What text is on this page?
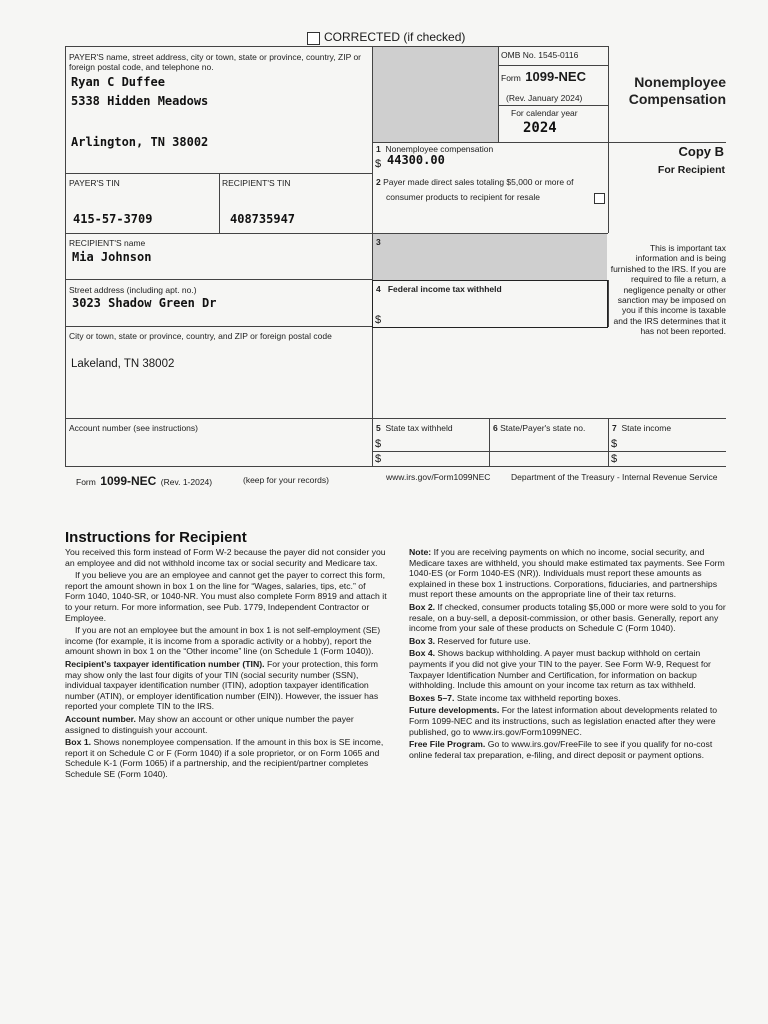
CORRECTED (if checked)
PAYER'S name, street address, city or town, state or province, country, ZIP or foreign postal code, and telephone no.
Ryan C Duffee
5338 Hidden Meadows
Arlington, TN 38002
OMB No. 1545-0116
Form 1099-NEC
(Rev. January 2024)
For calendar year
2024
Nonemployee
Compensation
Copy B
For Recipient
This is important tax information and is being furnished to the IRS. If you are required to file a return, a negligence penalty or other sanction may be imposed on you if this income is taxable and the IRS determines that it has not been reported.
1 Nonemployee compensation
$ 44300.00
PAYER'S TIN
415-57-3709
RECIPIENT'S TIN
408735947
2 Payer made direct sales totaling $5,000 or more of
consumer products to recipient for resale
3
RECIPIENT'S name
Mia Johnson
Street address (including apt. no.)
3023 Shadow Green Dr
City or town, state or province, country, and ZIP or foreign postal code
Lakeland, TN 38002
4 Federal income tax withheld
$
Account number (see instructions)	5 State tax withheld
$
$
6 State/Payer's state no.	7 State income
$
$
Form 1099-NEC (Rev. 1-2024)	(keep for your records)	www.irs.gov/Form1099NEC Department of the Treasury - Internal Revenue Service
Instructions for Recipient

You received this form instead of Form W-2 because the payer did not consider you an employee and did not withhold income tax or social security and Medicare tax.

If you believe you are an employee and cannot get the payer to correct this form, report the amount shown in box 1 on the line for “Wages, salaries, tips, etc.” of Form 1040, 1040-SR, or 1040-NR. You must also complete Form 8919 and attach it to your return. For more information, see Pub. 1779, Independent Contractor or Employee.

If you are not an employee but the amount in box 1 is not self-employment (SE) income (for example, it is income from a sporadic activity or a hobby), report the amount shown in box 1 on the “Other income” line (on Schedule 1 (Form 1040)).

Recipient’s taxpayer identification number (TIN). For your protection, this form may show only the last four digits of your TIN (social security number (SSN), individual taxpayer identification number (ITIN), adoption taxpayer identification number (ATIN), or employer identification number (EIN)). However, the issuer has reported your complete TIN to the IRS.

Account number. May show an account or other unique number the payer assigned to distinguish your account.

Box 1. Shows nonemployee compensation. If the amount in this box is SE income, report it on Schedule C or F (Form 1040) if a sole proprietor, or on Form 1065 and Schedule K-1 (Form 1065) if a partnership, and the recipient/partner completes Schedule SE (Form 1040).

Note: If you are receiving payments on which no income, social security, and Medicare taxes are withheld, you should make estimated tax payments. See Form 1040-ES (or Form 1040-ES (NR)). Individuals must report these amounts as explained in these box 1 instructions. Corporations, fiduciaries, and partnerships must report these amounts on the appropriate line of their tax returns.

Box 2. If checked, consumer products totaling $5,000 or more were sold to you for resale, on a buy-sell, a deposit-commission, or other basis. Generally, report any income from your sale of these products on Schedule C (Form 1040).

Box 3. Reserved for future use.

Box 4. Shows backup withholding. A payer must backup withhold on certain payments if you did not give your TIN to the payer. See Form W-9, Request for Taxpayer Identification Number and Certification, for information on backup withholding. Include this amount on your income tax return as tax withheld.

Boxes 5–7. State income tax withheld reporting boxes.

Future developments. For the latest information about developments related to Form 1099-NEC and its instructions, such as legislation enacted after they were published, go to www.irs.gov/Form1099NEC.

Free File Program. Go to www.irs.gov/FreeFile to see if you qualify for no-cost online federal tax preparation, e-filing, and direct deposit or payment options.
